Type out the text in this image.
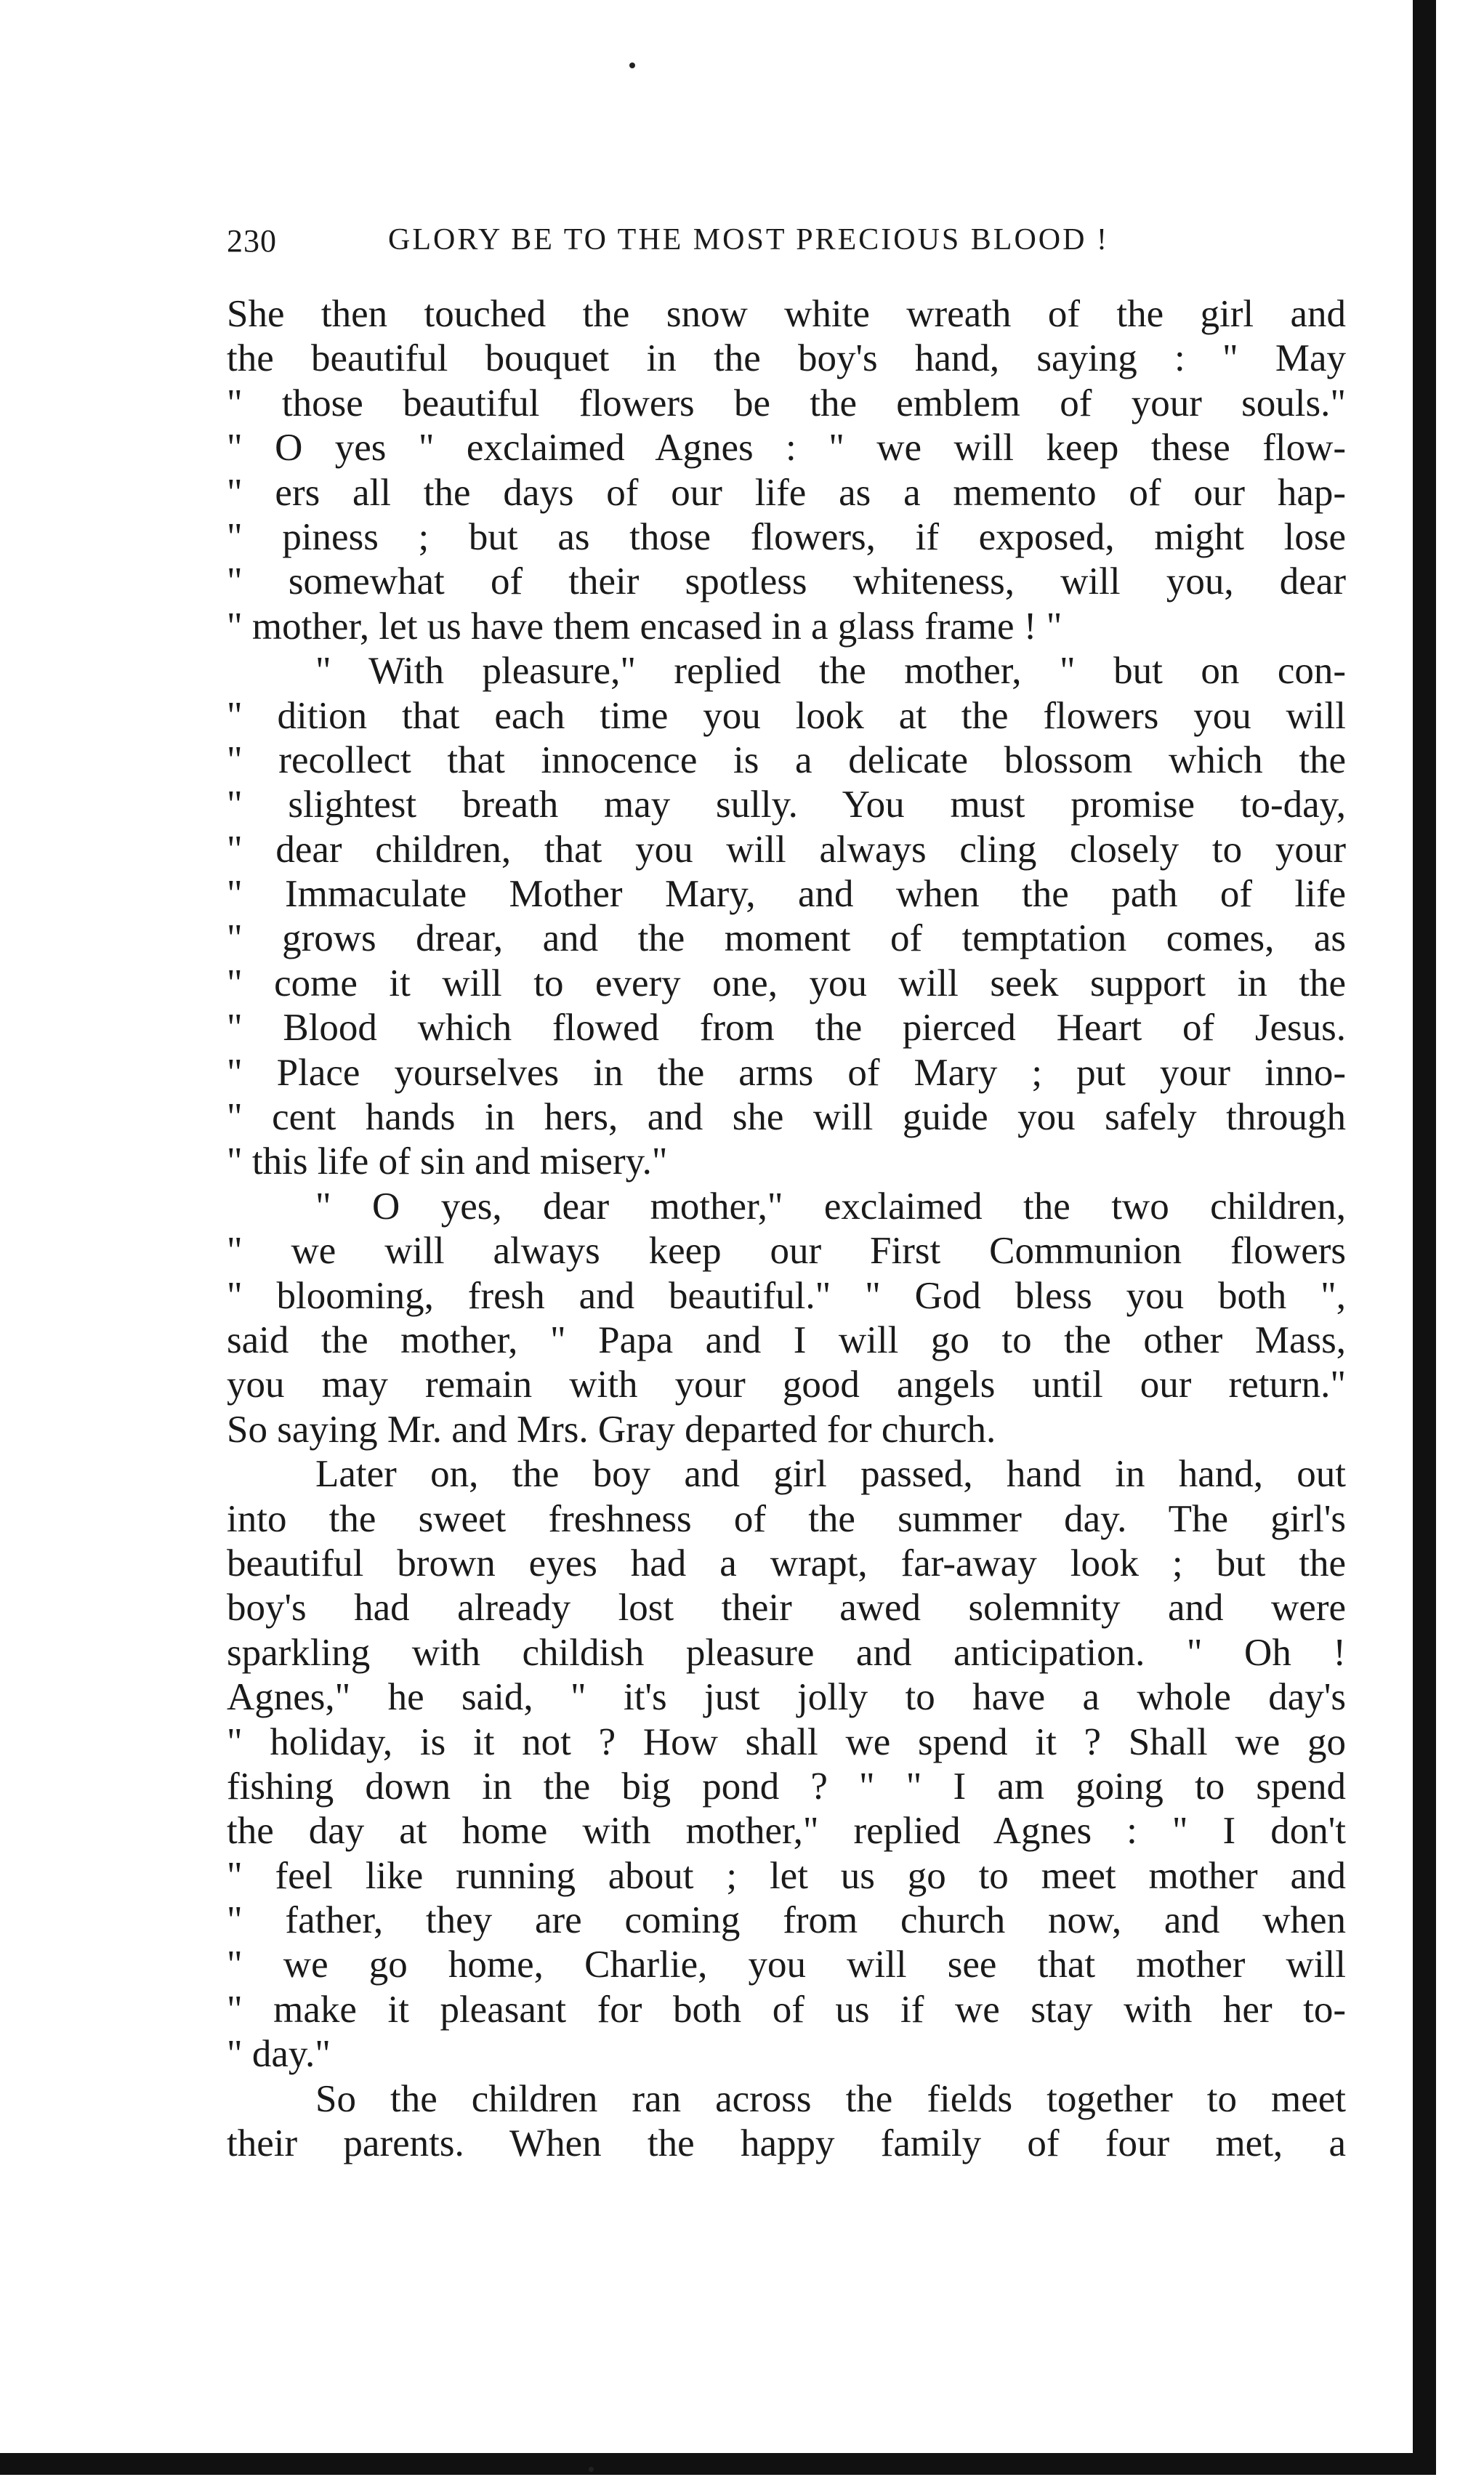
230	GLORY BE TO THE MOST PRECIOUS BLOOD !
She then touched the snow white wreath of the girl and
the beautiful bouquet in the boy's hand, saying : " May
" those beautiful flowers be the emblem of your souls."
" O yes " exclaimed Agnes : " we will keep these flow-
" ers all the days of our life as a memento of our hap-
" piness ; but as those flowers, if exposed, might lose
" somewhat of their spotless whiteness, will you, dear
" mother, let us have them encased in a glass frame ! "
" With pleasure," replied the mother, " but on con-
" dition that each time you look at the flowers you will
" recollect that innocence is a delicate blossom which the
" slightest breath may sully. You must promise to-day,
" dear children, that you will always cling closely to your
" Immaculate Mother Mary, and when the path of life
" grows drear, and the moment of temptation comes, as
" come it will to every one, you will seek support in the
" Blood which flowed from the pierced Heart of Jesus.
" Place yourselves in the arms of Mary ; put your inno-
" cent hands in hers, and she will guide you safely through
" this life of sin and misery."
" O yes, dear mother," exclaimed the two children,
" we will always keep our First Communion flowers
" blooming, fresh and beautiful." " God bless you both ",
said the mother, " Papa and I will go to the other Mass,
you may remain with your good angels until our return."
So saying Mr. and Mrs. Gray departed for church.
Later on, the boy and girl passed, hand in hand, out
into the sweet freshness of the summer day. The girl's
beautiful brown eyes had a wrapt, far-away look ; but the
boy's had already lost their awed solemnity and were
sparkling with childish pleasure and anticipation. " Oh !
Agnes," he said, " it's just jolly to have a whole day's
" holiday, is it not ? How shall we spend it ? Shall we go
fishing down in the big pond ? " " I am going to spend
the day at home with mother," replied Agnes : " I don't
" feel like running about ; let us go to meet mother and
" father, they are coming from church now, and when
" we go home, Charlie, you will see that mother will
" make it pleasant for both of us if we stay with her to-
" day."
So the children ran across the fields together to meet
their parents. When the happy family of four met, a
